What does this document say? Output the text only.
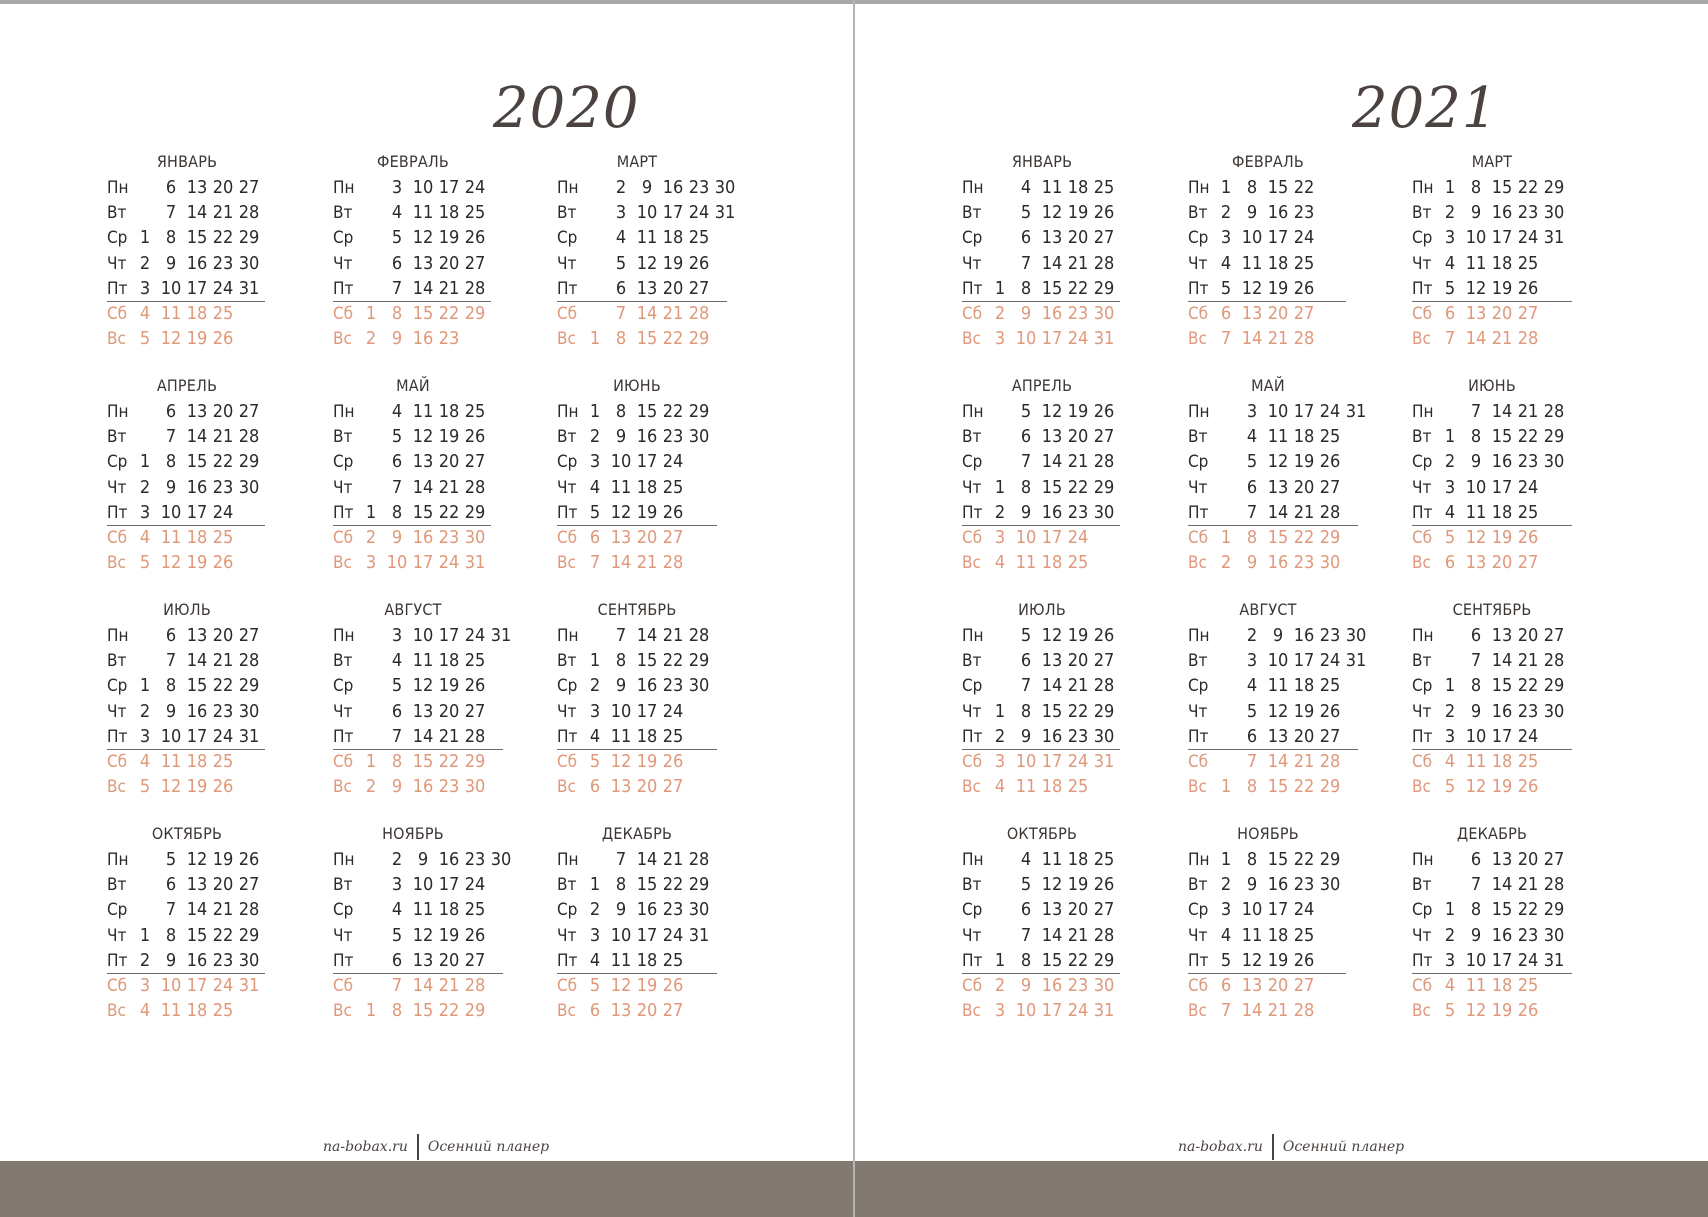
2020
na-bobax.ru Осенний планер
ЯНВАРЬ
Пн	6 13 20 27
Вт	7 14 21 28
Ср 1 8 15 22 29
Чт 2 9 16 23 30
Пт 3 10 17 24 31
Сб 4 11 18 25
Вс 5 12 19 26
ФЕВРАЛЬ
Пн	3 10 17 24
Вт	4 11 18 25
Ср	5 12 19 26
Чт	6 13 20 27
Пт	7 14 21 28
Сб 1 8 15 22 29
Вс 2 9 16 23
МАРТ
Пн	2 9 16 23 30
Вт	3 10 17 24 31
Ср	4 11 18 25
Чт	5 12 19 26
Пт	6 13 20 27
Сб	7 14 21 28
Вс 1 8 15 22 29
АПРЕЛЬ
Пн	6 13 20 27
Вт	7 14 21 28
Ср 1 8 15 22 29
Чт 2 9 16 23 30
Пт 3 10 17 24
Сб 4 11 18 25
Вс 5 12 19 26
МАЙ
Пн	4 11 18 25
Вт	5 12 19 26
Ср	6 13 20 27
Чт	7 14 21 28
Пт 1 8 15 22 29
Сб 2 9 16 23 30
Вс 3 10 17 24 31
ИЮНЬ
Пн 1 8 15 22 29
Вт 2 9 16 23 30
Ср 3 10 17 24
Чт 4 11 18 25
Пт 5 12 19 26
Сб 6 13 20 27
Вс 7 14 21 28
ИЮЛЬ
Пн	6 13 20 27
Вт	7 14 21 28
Ср 1 8 15 22 29
Чт 2 9 16 23 30
Пт 3 10 17 24 31
Сб 4 11 18 25
Вс 5 12 19 26
АВГУСТ
Пн	3 10 17 24 31
Вт	4 11 18 25
Ср	5 12 19 26
Чт	6 13 20 27
Пт	7 14 21 28
Сб 1 8 15 22 29
Вс 2 9 16 23 30
СЕНТЯБРЬ
Пн	7 14 21 28
Вт 1 8 15 22 29
Ср 2 9 16 23 30
Чт 3 10 17 24
Пт 4 11 18 25
Сб 5 12 19 26
Вс 6 13 20 27
ОКТЯБРЬ
Пн	5 12 19 26
Вт	6 13 20 27
Ср	7 14 21 28
Чт 1 8 15 22 29
Пт 2 9 16 23 30
Сб 3 10 17 24 31
Вс 4 11 18 25
НОЯБРЬ
Пн	2 9 16 23 30
Вт	3 10 17 24
Ср	4 11 18 25
Чт	5 12 19 26
Пт	6 13 20 27
Сб	7 14 21 28
Вс 1 8 15 22 29
ДЕКАБРЬ
Пн	7 14 21 28
Вт 1 8 15 22 29
Ср 2 9 16 23 30
Чт 3 10 17 24 31
Пт 4 11 18 25
Сб 5 12 19 26
Вс 6 13 20 27
2021
na-bobax.ru Осенний планер
ЯНВАРЬ
Пн	4 11 18 25
Вт	5 12 19 26
Ср	6 13 20 27
Чт	7 14 21 28
Пт 1 8 15 22 29
Сб 2 9 16 23 30
Вс 3 10 17 24 31
ФЕВРАЛЬ
Пн 1 8 15 22
Вт 2 9 16 23
Ср 3 10 17 24
Чт 4 11 18 25
Пт 5 12 19 26
Сб 6 13 20 27
Вс 7 14 21 28
МАРТ
Пн 1 8 15 22 29
Вт 2 9 16 23 30
Ср 3 10 17 24 31
Чт 4 11 18 25
Пт 5 12 19 26
Сб 6 13 20 27
Вс 7 14 21 28
АПРЕЛЬ
Пн	5 12 19 26
Вт	6 13 20 27
Ср	7 14 21 28
Чт 1 8 15 22 29
Пт 2 9 16 23 30
Сб 3 10 17 24
Вс 4 11 18 25
МАЙ
Пн	3 10 17 24 31
Вт	4 11 18 25
Ср	5 12 19 26
Чт	6 13 20 27
Пт	7 14 21 28
Сб 1 8 15 22 29
Вс 2 9 16 23 30
ИЮНЬ
Пн	7 14 21 28
Вт 1 8 15 22 29
Ср 2 9 16 23 30
Чт 3 10 17 24
Пт 4 11 18 25
Сб 5 12 19 26
Вс 6 13 20 27
ИЮЛЬ
Пн	5 12 19 26
Вт	6 13 20 27
Ср	7 14 21 28
Чт 1 8 15 22 29
Пт 2 9 16 23 30
Сб 3 10 17 24 31
Вс 4 11 18 25
АВГУСТ
Пн	2 9 16 23 30
Вт	3 10 17 24 31
Ср	4 11 18 25
Чт	5 12 19 26
Пт	6 13 20 27
Сб	7 14 21 28
Вс 1 8 15 22 29
СЕНТЯБРЬ
Пн	6 13 20 27
Вт	7 14 21 28
Ср 1 8 15 22 29
Чт 2 9 16 23 30
Пт 3 10 17 24
Сб 4 11 18 25
Вс 5 12 19 26
ОКТЯБРЬ
Пн	4 11 18 25
Вт	5 12 19 26
Ср	6 13 20 27
Чт	7 14 21 28
Пт 1 8 15 22 29
Сб 2 9 16 23 30
Вс 3 10 17 24 31
НОЯБРЬ
Пн 1 8 15 22 29
Вт 2 9 16 23 30
Ср 3 10 17 24
Чт 4 11 18 25
Пт 5 12 19 26
Сб 6 13 20 27
Вс 7 14 21 28
ДЕКАБРЬ
Пн	6 13 20 27
Вт	7 14 21 28
Ср 1 8 15 22 29
Чт 2 9 16 23 30
Пт 3 10 17 24 31
Сб 4 11 18 25
Вс 5 12 19 26
